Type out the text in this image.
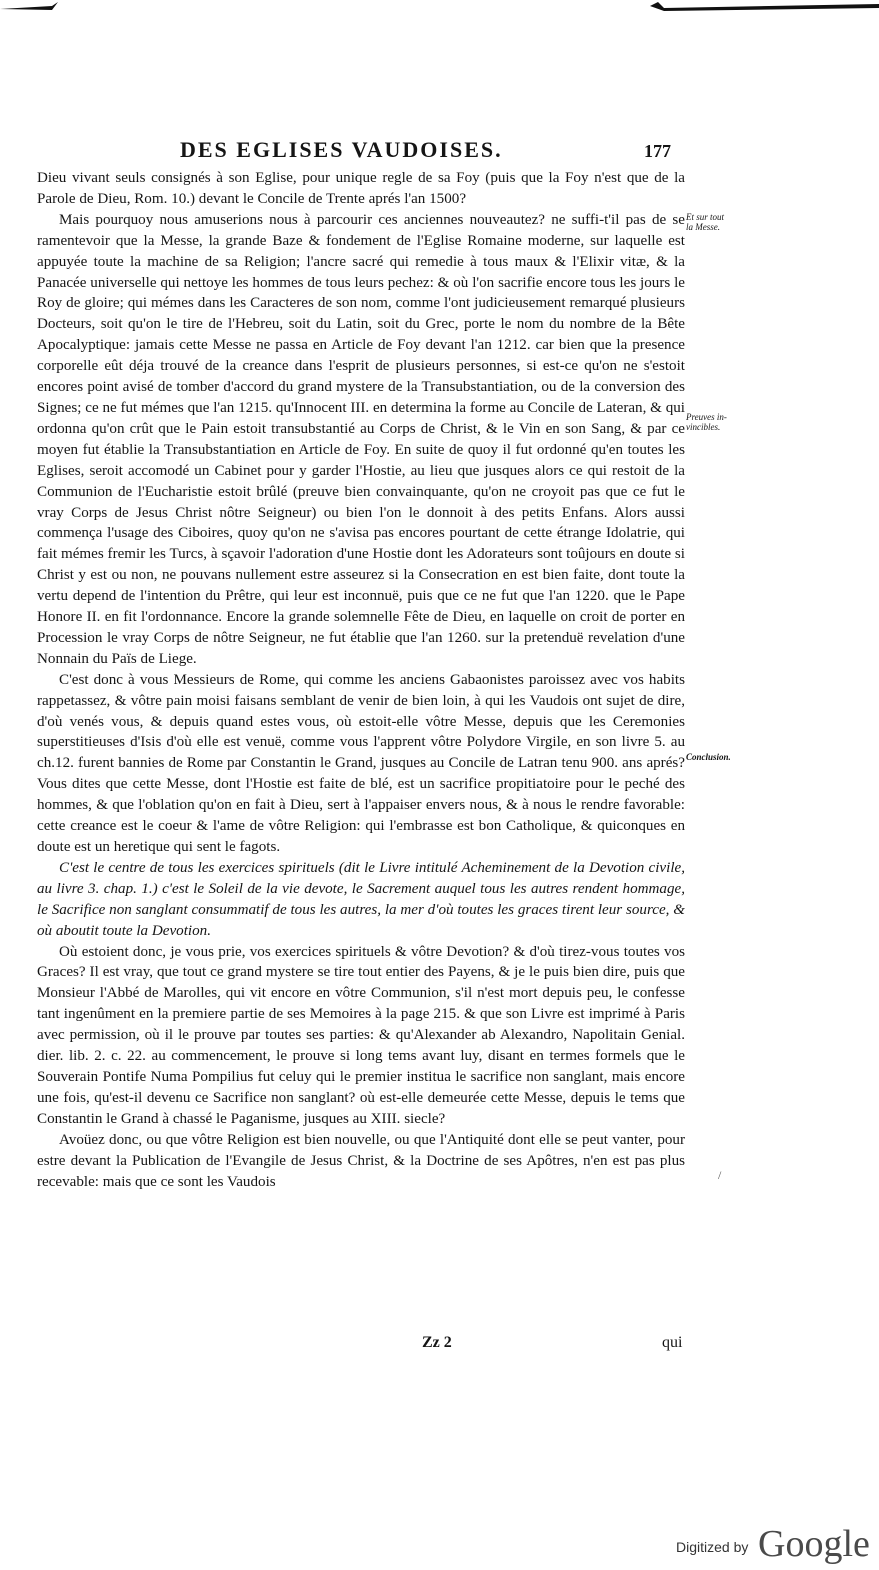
DES EGLISES VAUDOISES.	177

Dieu vivant seuls consignés à son Eglise, pour unique regle de sa Foy (puis que la Foy n'est que de la Parole de Dieu, Rom. 10.) devant le Concile de Trente aprés l'an 1500?

Mais pourquoy nous amuserions nous à parcourir ces anciennes nouveautez? ne suffi-t'il pas de se ramentevoir que la Messe, la grande Baze & fondement de l'Eglise Romaine moderne, sur laquelle est appuyée toute la machine de sa Religion; l'ancre sacré qui remedie à tous maux & l'Elixir vitæ, & la Panacée universelle qui nettoye les hommes de tous leurs pechez: & où l'on sacrifie encore tous les jours le Roy de gloire; qui mémes dans les Caracteres de son nom, comme l'ont judicieusement remarqué plusieurs Docteurs, soit qu'on le tire de l'Hebreu, soit du Latin, soit du Grec, porte le nom du nombre de la Bête Apocalyptique: jamais cette Messe ne passa en Article de Foy devant l'an 1212. car bien que la presence corporelle eût déja trouvé de la creance dans l'esprit de plusieurs personnes, si est-ce qu'on ne s'estoit encores point avisé de tomber d'accord du grand mystere de la Transubstantiation, ou de la conversion des Signes; ce ne fut mémes que l'an 1215. qu'Innocent III. en determina la forme au Concile de Lateran, & qui ordonna qu'on crût que le Pain estoit transubstantié au Corps de Christ, & le Vin en son Sang, & par ce moyen fut établie la Transubstantiation en Article de Foy. En suite de quoy il fut ordonné qu'en toutes les Eglises, seroit accomodé un Cabinet pour y garder l'Hostie, au lieu que jusques alors ce qui restoit de la Communion de l'Eucharistie estoit brûlé (preuve bien convainquante, qu'on ne croyoit pas que ce fut le vray Corps de Jesus Christ nôtre Seigneur) ou bien l'on le donnoit à des petits Enfans. Alors aussi commença l'usage des Ciboires, quoy qu'on ne s'avisa pas encores pourtant de cette étrange Idolatrie, qui fait mémes fremir les Turcs, à sçavoir l'adoration d'une Hostie dont les Adorateurs sont toûjours en doute si Christ y est ou non, ne pouvans nullement estre asseurez si la Consecration en est bien faite, dont toute la vertu depend de l'intention du Prêtre, qui leur est inconnuë, puis que ce ne fut que l'an 1220. que le Pape Honore II. en fit l'ordonnance. Encore la grande solemnelle Fête de Dieu, en laquelle on croit de porter en Procession le vray Corps de nôtre Seigneur, ne fut établie que l'an 1260. sur la pretenduë revelation d'une Nonnain du Païs de Liege.

C'est donc à vous Messieurs de Rome, qui comme les anciens Gabaonistes paroissez avec vos habits rappetassez, & vôtre pain moisi faisans semblant de venir de bien loin, à qui les Vaudois ont sujet de dire, d'où venés vous, & depuis quand estes vous, où estoit-elle vôtre Messe, depuis que les Ceremonies superstitieuses d'Isis d'où elle est venuë, comme vous l'apprent vôtre Polydore Virgile, en son livre 5. au ch.12. furent bannies de Rome par Constantin le Grand, jusques au Concile de Latran tenu 900. ans aprés? Vous dites que cette Messe, dont l'Hostie est faite de blé, est un sacrifice propitiatoire pour le peché des hommes, & que l'oblation qu'on en fait à Dieu, sert à l'appaiser envers nous, & à nous le rendre favorable: cette creance est le coeur & l'ame de vôtre Religion: qui l'embrasse est bon Catholique, & quiconques en doute est un heretique qui sent le fagots.

C'est le centre de tous les exercices spirituels (dit le Livre intitulé Acheminement de la Devotion civile, au livre 3. chap. 1.) c'est le Soleil de la vie devote, le Sacrement auquel tous les autres rendent hommage, le Sacrifice non sanglant consummatif de tous les autres, la mer d'où toutes les graces tirent leur source, & où aboutit toute la Devotion.

Où estoient donc, je vous prie, vos exercices spirituels & vôtre Devotion? & d'où tirez-vous toutes vos Graces? Il est vray, que tout ce grand mystere se tire tout entier des Payens, & je le puis bien dire, puis que Monsieur l'Abbé de Marolles, qui vit encore en vôtre Communion, s'il n'est mort depuis peu, le confesse tant ingenûment en la premiere partie de ses Memoires à la page 215. & que son Livre est imprimé à Paris avec permission, où il le prouve par toutes ses parties: & qu'Alexander ab Alexandro, Napolitain Genial. dier. lib. 2. c. 22. au commencement, le prouve si long tems avant luy, disant en termes formels que le Souverain Pontife Numa Pompilius fut celuy qui le premier institua le sacrifice non sanglant, mais encore une fois, qu'est-il devenu ce Sacrifice non sanglant? où est-elle demeurée cette Messe, depuis le tems que Constantin le Grand à chassé le Paganisme, jusques au XIII. siecle?

Avoüez donc, ou que vôtre Religion est bien nouvelle, ou que l'Antiquité dont elle se peut vanter, pour estre devant la Publication de l'Evangile de Jesus Christ, & la Doctrine de ses Apôtres, n'en est pas plus recevable: mais que ce sont les Vaudois

Et sur tout
la Messe.
Preuves in-
vincibles.
Conclusion.
/
Zz 2	qui
Digitized by Google
